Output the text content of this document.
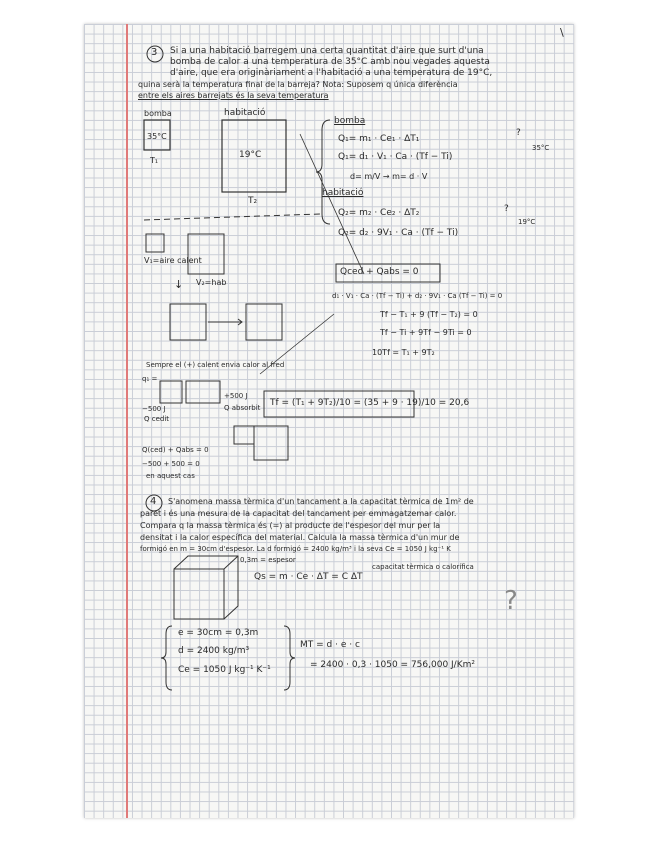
\
3 Si a una habitació barregem una certa quantitat d'aire que surt d'una
bomba de calor a una temperatura de 35°C amb nou vegades aquesta
d'aire, que era originàriament a l'habitació a una temperatura de 19°C,
quina serà la temperatura final de la barreja? Nota: Suposem q única diferència
entre els aires barrejats és la seva temperatura
bomba	habitació
35°C
19°C
T₁
T₂
bomba
Q₁= m₁ · Ce₁ · ΔT₁
Q₁= d₁ · V₁ · Ca · (Tf − Ti)
d= m/V → m= d · V
?
35°C
habitació
Q₂= m₂ · Ce₂ · ΔT₂
Q₂= d₂ · 9V₁ · Ca · (Tf − Ti)
?
19°C
V₁=aire calent
V₂=hab
↓
Qced + Qabs = 0
d₁ · V₁ · Ca · (Tf − Ti) + d₂ · 9V₁ · Ca (Tf − Ti) = 0
Tf − T₁ + 9 (Tf − T₂) = 0
Tf − Ti + 9Tf − 9Ti = 0
10Tf = T₁ + 9T₂
Sempre el (+) calent envia calor al fred
q₁ =
−500 J
Q cedit
+500 J
Q absorbit Tf = (T₁ + 9T₂)/10 = (35 + 9 · 19)/10 = 20,6
Q(ced) + Qabs = 0
−500 + 500 = 0
en aquest cas
4 S'anomena massa tèrmica d'un tancament a la capacitat tèrmica de 1m² de
paret i és una mesura de la capacitat del tancament per emmagatzemar calor.
Compara q la massa tèrmica és (=) al producte de l'espesor del mur per la
densitat i la calor específica del material. Calcula la massa tèrmica d'un mur de
formigó en m = 30cm d'espesor. La d formigó = 2400 kg/m³ i la seva Ce = 1050 J kg⁻¹ K
0,3m = espesor
Qs = m · Ce · ΔT = C ΔT
capacitat tèrmica o calorífica
?
e = 30cm = 0,3m
d = 2400 kg/m³
Ce = 1050 J kg⁻¹ K⁻¹
MT = d · e · c
= 2400 · 0,3 · 1050 = 756,000 J/Km²
